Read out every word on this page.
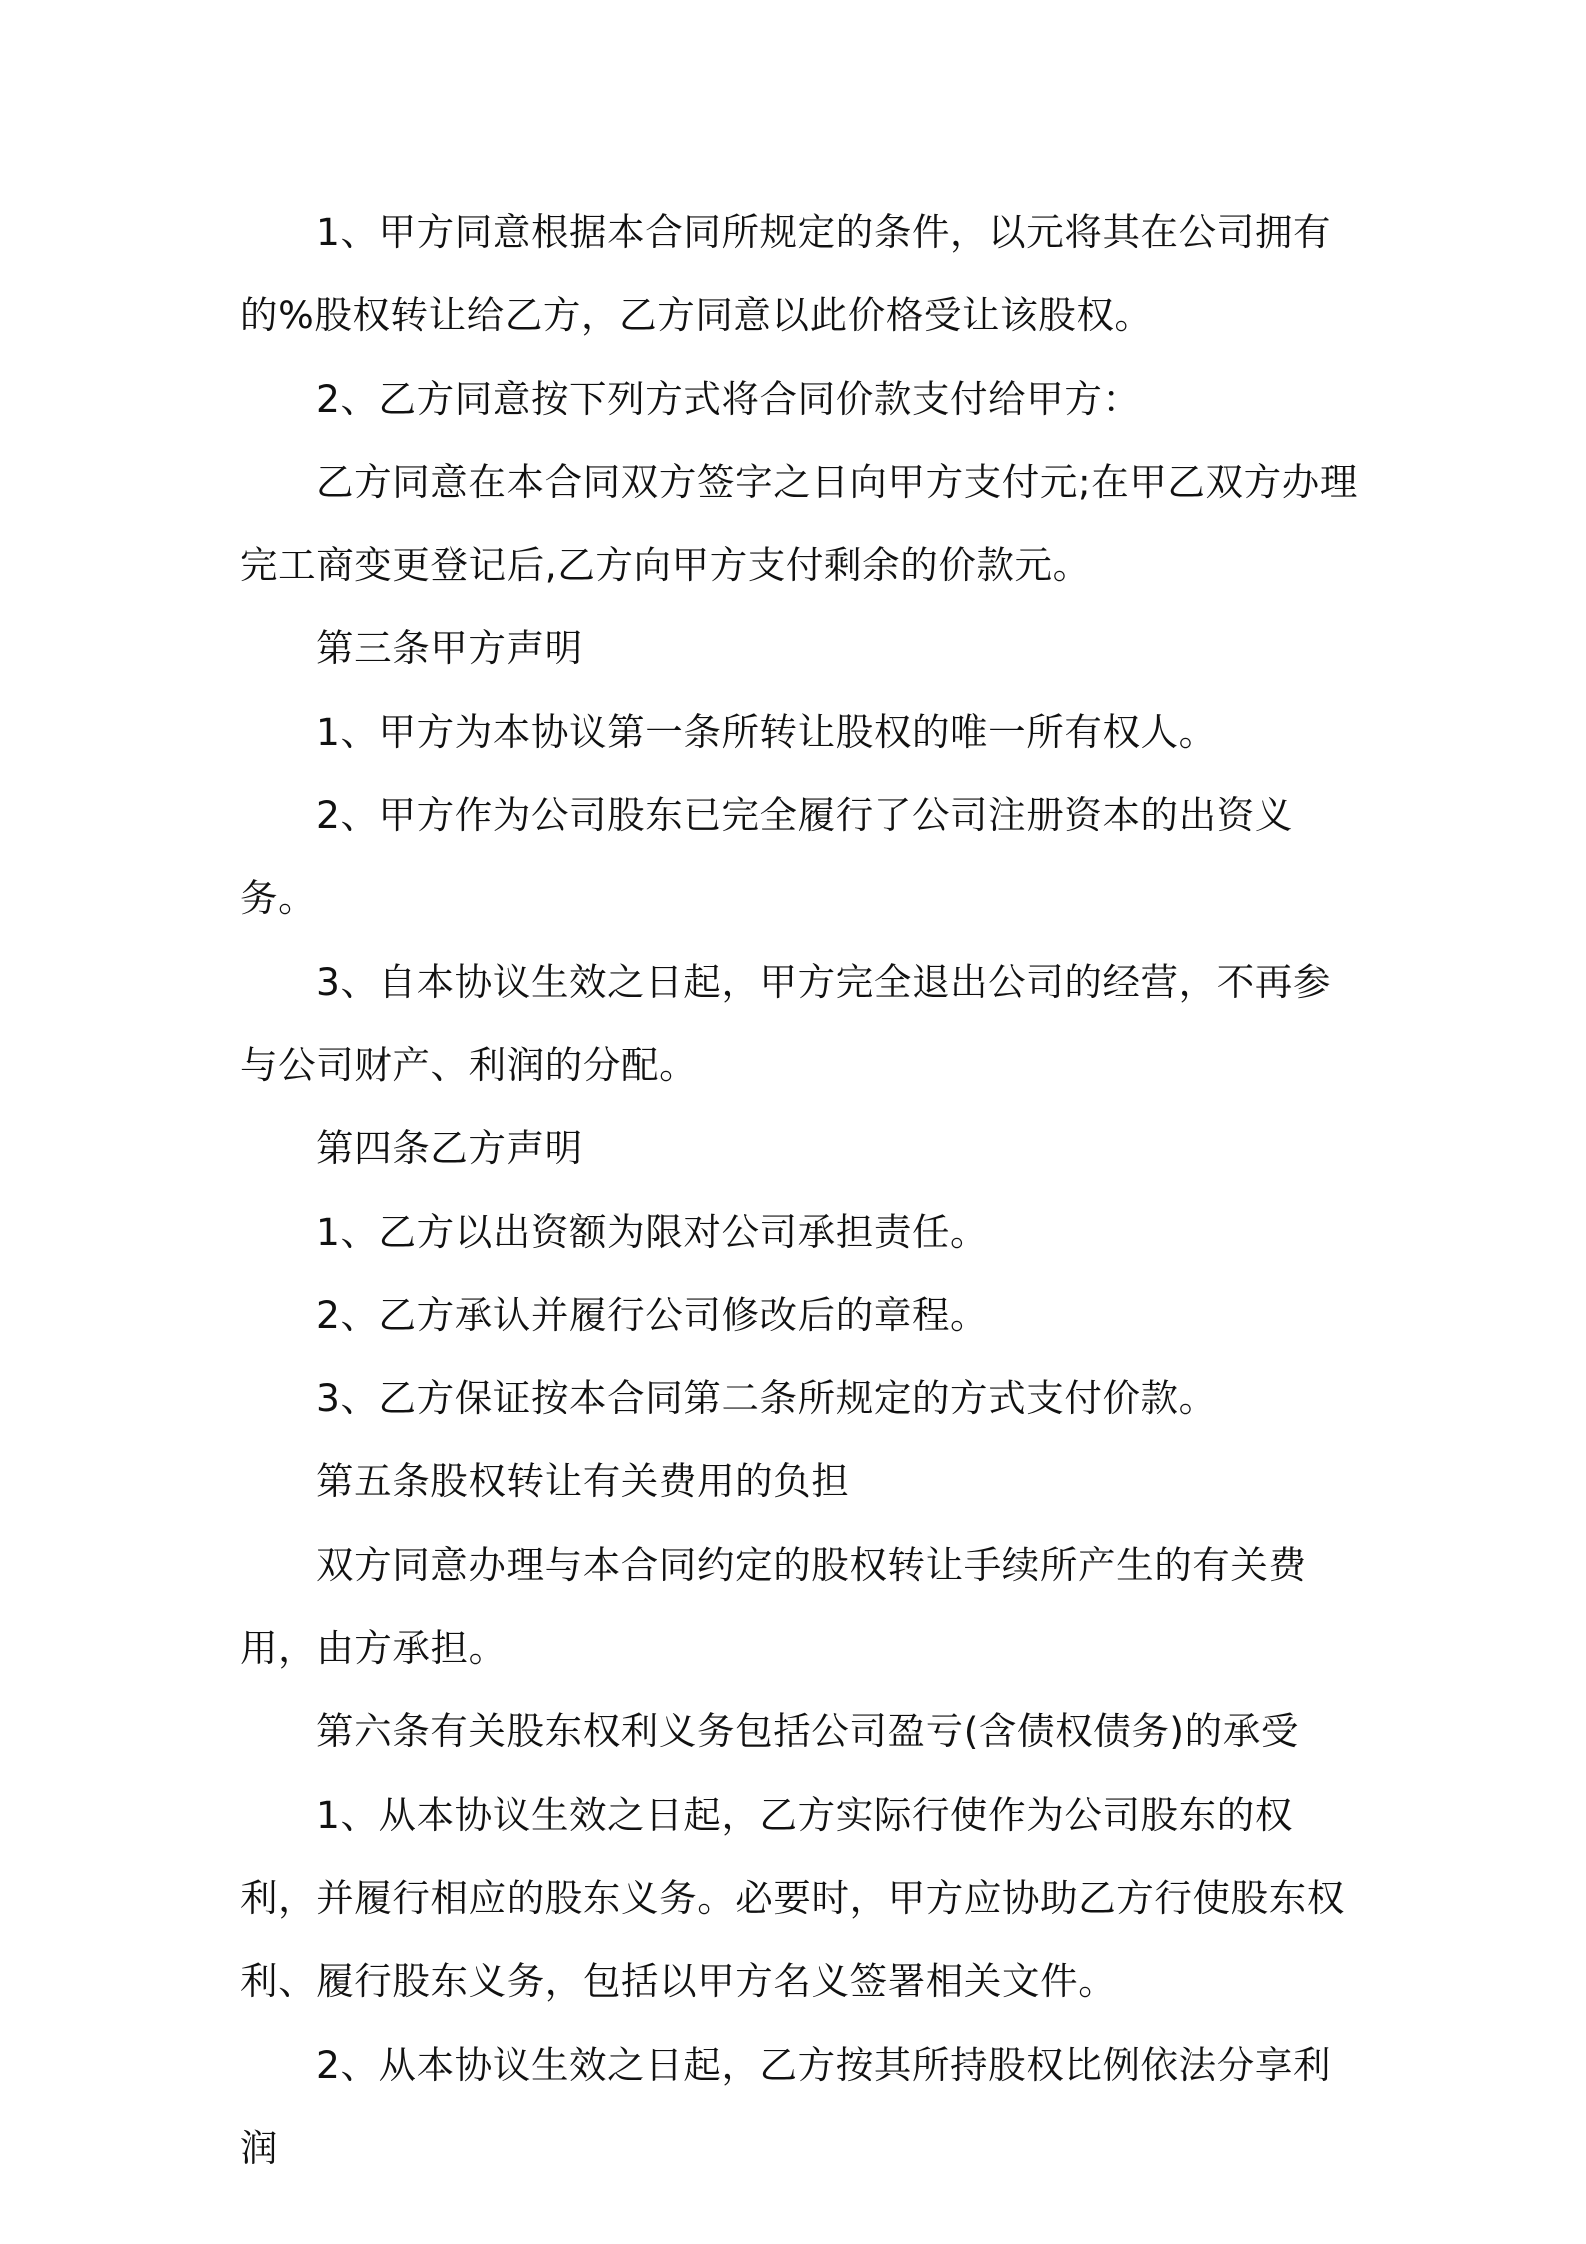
1、甲方同意根据本合同所规定的条件，以元将其在公司拥有的%股权转让给乙方，乙方同意以此价格受让该股权。

2、乙方同意按下列方式将合同价款支付给甲方：

乙方同意在本合同双方签字之日向甲方支付元;在甲乙双方办理完工商变更登记后,乙方向甲方支付剩余的价款元。

第三条甲方声明

1、甲方为本协议第一条所转让股权的唯一所有权人。

2、甲方作为公司股东已完全履行了公司注册资本的出资义务。

3、自本协议生效之日起，甲方完全退出公司的经营，不再参与公司财产、利润的分配。

第四条乙方声明

1、乙方以出资额为限对公司承担责任。

2、乙方承认并履行公司修改后的章程。

3、乙方保证按本合同第二条所规定的方式支付价款。

第五条股权转让有关费用的负担

双方同意办理与本合同约定的股权转让手续所产生的有关费用，由方承担。

第六条有关股东权利义务包括公司盈亏(含债权债务)的承受

1、从本协议生效之日起，乙方实际行使作为公司股东的权利，并履行相应的股东义务。必要时，甲方应协助乙方行使股东权利、履行股东义务，包括以甲方名义签署相关文件。

2、从本协议生效之日起，乙方按其所持股权比例依法分享利润
